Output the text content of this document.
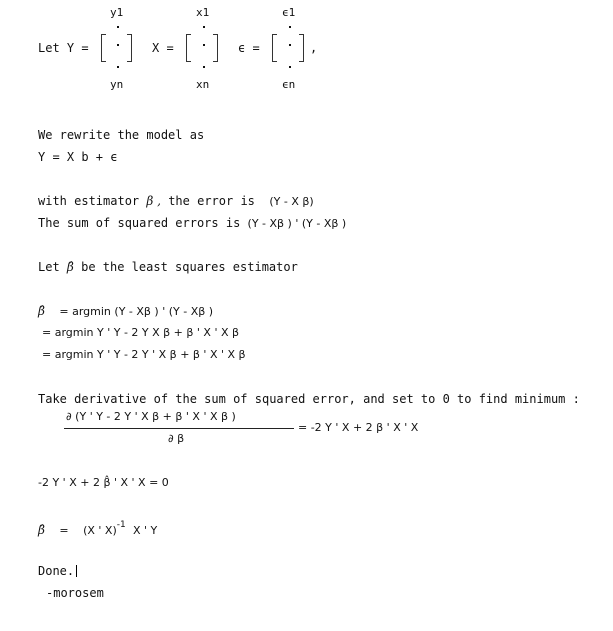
y1	x1	ϵ1
Let Y =	X =	ϵ =	,
yn	xn	ϵn
We rewrite the model as
Y = X b + ϵ
with estimator β , the error is (Y - X β)
The sum of squared errors is (Y - Xβ ) ' (Y - Xβ )
Let β̂ be the least squares estimator
β̂ = argmin (Y - Xβ ) ' (Y - Xβ )
= argmin Y ' Y - 2 Y X β + β ' X ' X β
= argmin Y ' Y - 2 Y ' X β + β ' X ' X β
Take derivative of the sum of squared error, and set to 0 to find minimum :
∂ (Y ' Y - 2 Y ' X β + β ' X ' X β )
∂ β
= -2 Y ' X + 2 β ' X ' X
-2 Y ' X + 2 β̂ ' X ' X = 0
β̂ = (X ' X)$^{-1}$ X ' Y
Done.
-morosem
